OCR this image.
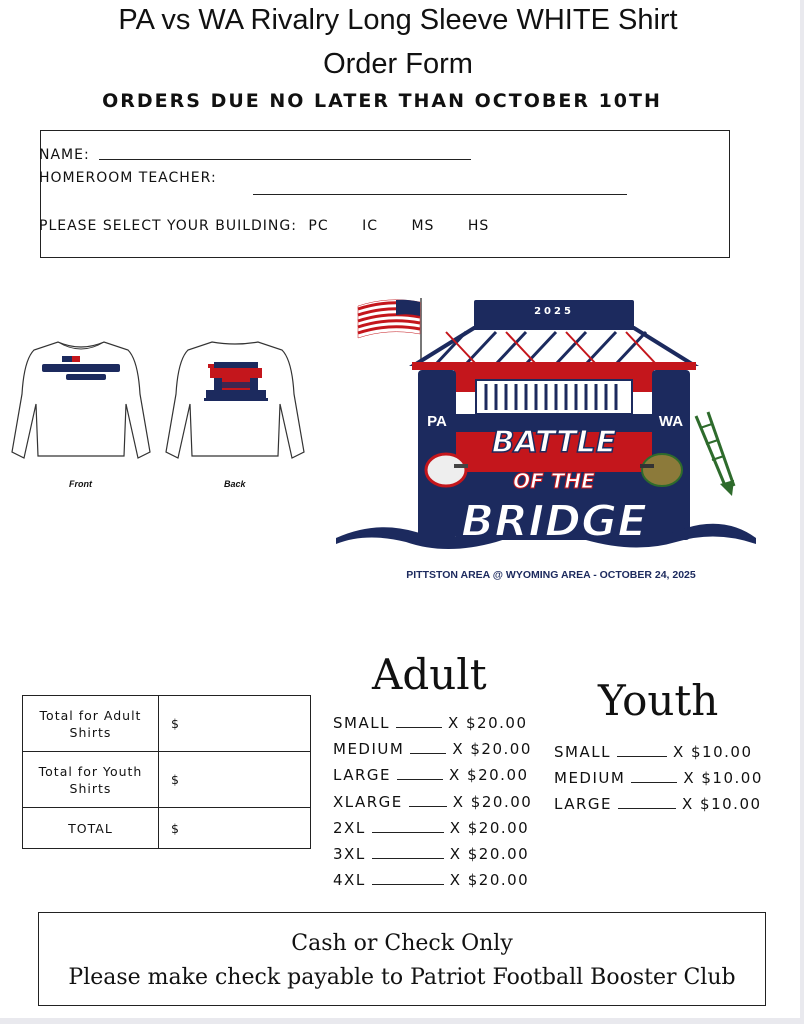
PA vs WA Rivalry Long Sleeve WHITE Shirt
Order Form
ORDERS DUE NO LATER THAN OCTOBER 10TH
NAME:
HOMEROOM TEACHER:
PLEASE SELECT YOUR BUILDING: PC IC MS HS
Front	Back
2025
PA	WA
BATTLE
OF THE
BRIDGE
PITTSTON AREA @ WYOMING AREA - OCTOBER 24, 2025
Total for Adult
Shirts	$
Total for Youth
Shirts	$
TOTAL	$
Adult
SMALL	X $20.00
MEDIUM	X $20.00
LARGE	X $20.00
XLARGE	X $20.00
2XL	X $20.00
3XL	X $20.00
4XL	X $20.00
Youth
SMALL	X $10.00
MEDIUM	X $10.00
LARGE	X $10.00
Cash or Check Only
Please make check payable to Patriot Football Booster Club
